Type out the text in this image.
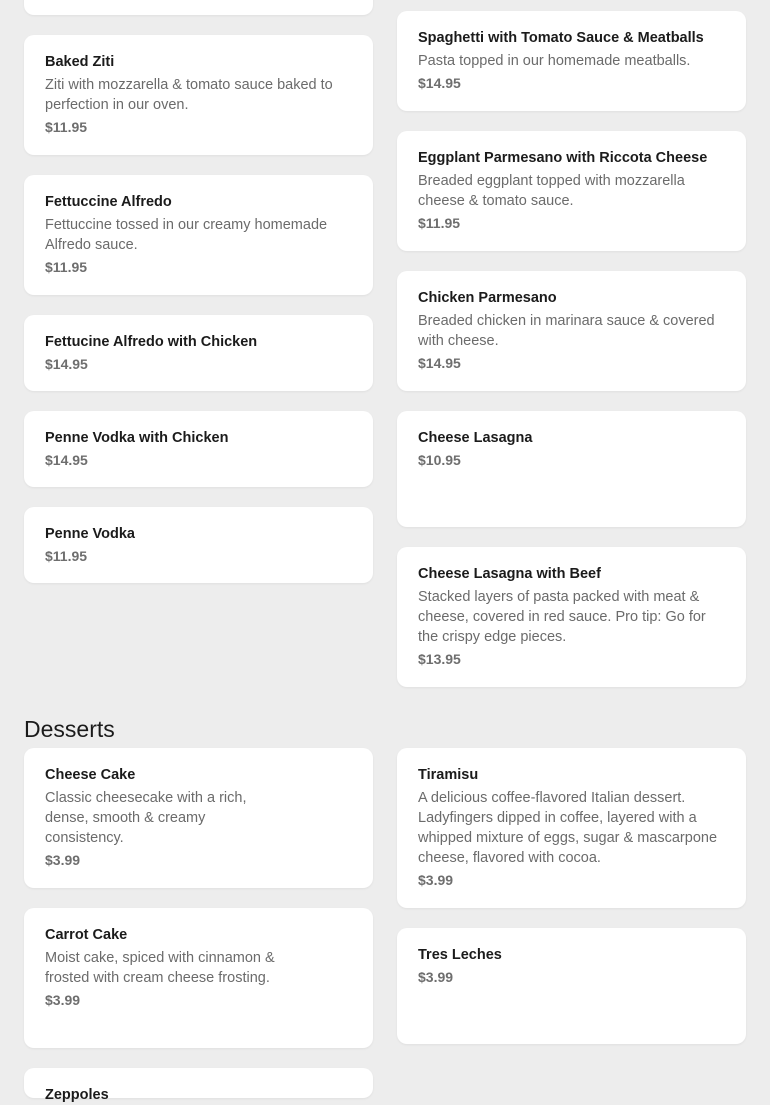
Baked Ziti
Ziti with mozzarella & tomato sauce baked to perfection in our oven.
$11.95
Fettuccine Alfredo
Fettuccine tossed in our creamy homemade Alfredo sauce.
$11.95
Fettucine Alfredo with Chicken
$14.95
Penne Vodka with Chicken
$14.95
Penne Vodka
$11.95
Spaghetti with Tomato Sauce & Meatballs
Pasta topped in our homemade meatballs.
$14.95
Eggplant Parmesano with Riccota Cheese
Breaded eggplant topped with mozzarella cheese & tomato sauce.
$11.95
Chicken Parmesano
Breaded chicken in marinara sauce & covered with cheese.
$14.95
Cheese Lasagna
$10.95
Cheese Lasagna with Beef
Stacked layers of pasta packed with meat & cheese, covered in red sauce. Pro tip: Go for the crispy edge pieces.
$13.95
Desserts
Cheese Cake
Classic cheesecake with a rich, dense, smooth & creamy consistency.
$3.99
Carrot Cake
Moist cake, spiced with cinnamon & frosted with cream cheese frosting.
$3.99
Zeppoles
Tiramisu
A delicious coffee-flavored Italian dessert. Ladyfingers dipped in coffee, layered with a whipped mixture of eggs, sugar & mascarpone cheese, flavored with cocoa.
$3.99
Tres Leches
$3.99
